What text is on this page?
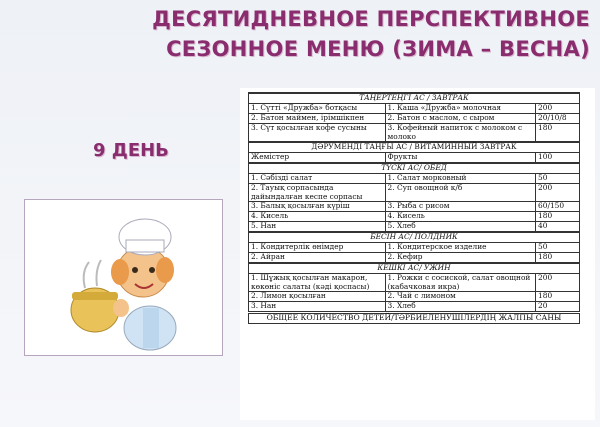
ДЕСЯТИДНЕВНОЕ ПЕРСПЕКТИВНОЕ
СЕЗОННОЕ МЕНЮ (ЗИМА – ВЕСНА)
9 ДЕНЬ
ТАҢЕРТЕҢГІ АС / ЗАВТРАК		
1. Сүтті «Дружба» ботқасы	1. Каша «Дружба» молочная	200
2. Батон маймен, ірімшікпен	2. Батон с маслом, с сыром	20/10/8
3. Сүт қосылған кофе сусыны	3. Кофейный напиток с молоком с молоко	180
ДӘРУМЕНДІ ТАҢҒЫ АС / ВИТАМИННЫЙ ЗАВТРАК		
Жемістер	Фрукты	100
ТҮСКІ АС/ ОБЕД		
1. Сәбізді салат	1. Салат морковный	50
2. Тауық сорпасында дайындалған кеспе сорпасы	2. Суп овощной к/б	200
3. Балық қосылған күріш	3. Рыба с рисом	60/150
4. Кисель	4. Кисель	180
5. Нан	5. Хлеб	40
БЕСІН АС/ ПОЛДНИК		
1. Кондитерлік өнімдер	1. Кондитерское изделие	50
2. Айран	2. Кефир	180
КЕШКІ АС/ УЖИН		
1. Шұжық қосылған макарон, көкөніс салаты (кәді қоспасы)	1. Рожки с сосиской, салат овощной (кабачковая икра)	200
2. Лимон қосылған	2. Чай с лимоном	180
3. Нан	3. Хлеб	20
ОБЩЕЕ КОЛИЧЕСТВО ДЕТЕЙ/ТӘРБИЕЛЕНУШІЛЕРДІҢ ЖАЛПЫ САНЫ		
